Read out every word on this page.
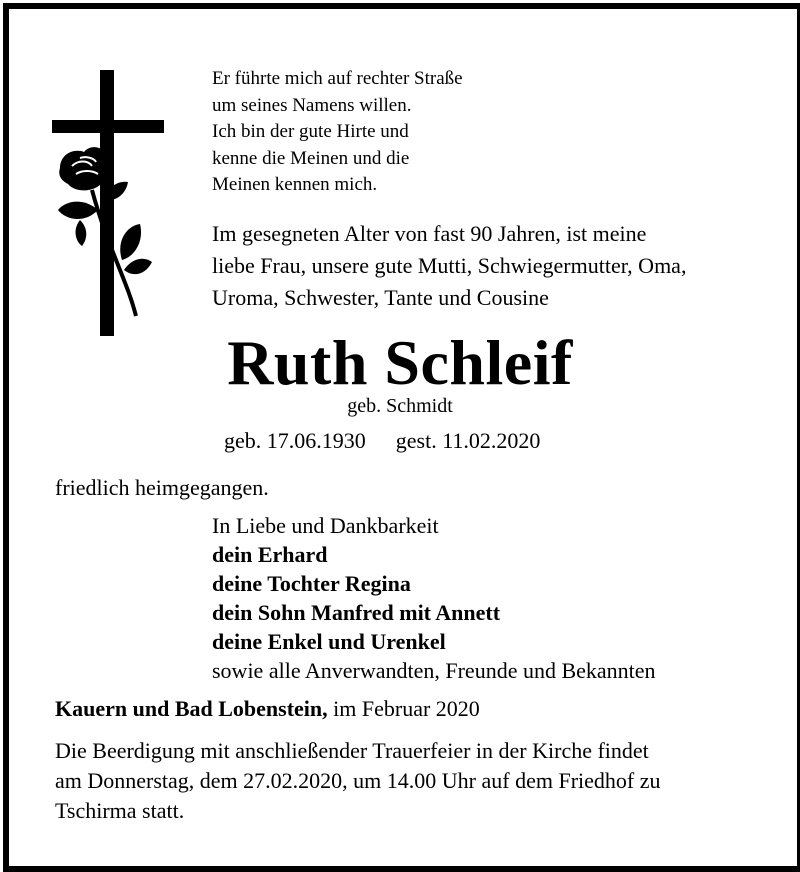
Er führte mich auf rechter Straße
um seines Namens willen.
Ich bin der gute Hirte und
kenne die Meinen und die
Meinen kennen mich.
Im gesegneten Alter von fast 90 Jahren, ist meine
liebe Frau, unsere gute Mutti, Schwiegermutter, Oma,
Uroma, Schwester, Tante und Cousine
Ruth Schleif
geb. Schmidt
geb. 17.06.1930 gest. 11.02.2020
friedlich heimgegangen.
In Liebe und Dankbarkeit
dein Erhard
deine Tochter Regina
dein Sohn Manfred mit Annett
deine Enkel und Urenkel
sowie alle Anverwandten, Freunde und Bekannten
Kauern und Bad Lobenstein, im Februar 2020
Die Beerdigung mit anschließender Trauerfeier in der Kirche findet
am Donnerstag, dem 27.02.2020, um 14.00 Uhr auf dem Friedhof zu
Tschirma statt.
